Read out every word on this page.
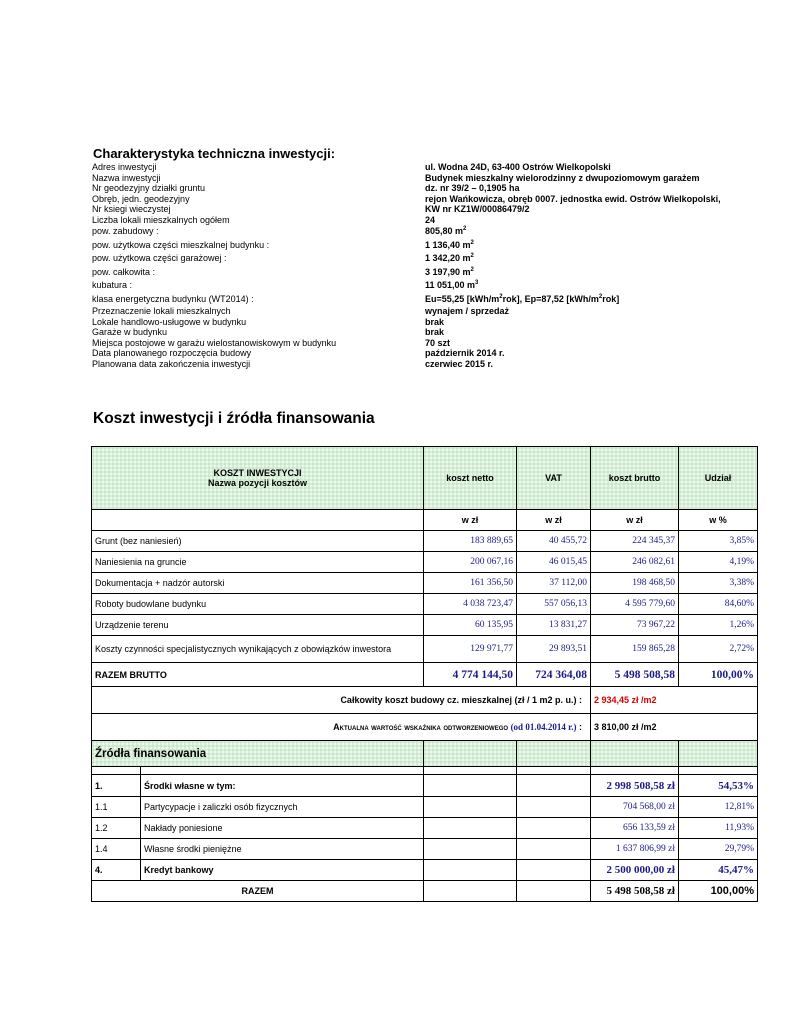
Charakterystyka techniczna inwestycji:
Adres inwestycji	ul. Wodna 24D, 63-400 Ostrów Wielkopolski
Nazwa inwestycji	Budynek mieszkalny wielorodzinny z dwupoziomowym garażem
Nr geodezyjny działki gruntu	dz. nr 39/2 – 0,1905 ha
Obręb, jedn. geodezyjny	rejon Wańkowicza, obręb 0007. jednostka ewid. Ostrów Wielkopolski,
Nr ksiegi wieczystej	KW nr KZ1W/00086479/2
Liczba lokali mieszkalnych ogółem	24
pow. zabudowy :	805,80 $m^2$
pow. użytkowa części mieszkalnej budynku :	1 136,40 $m^2$
pow. użytkowa części garażowej :	1 342,20 $m^2$
pow. całkowita :	3 197,90 $m^2$
kubatura :	11 051,00 $m^3$
klasa energetyczna budynku (WT2014) :	Eu=55,25 $[kWh/m^2rok]$, Ep=87,52 $[kWh/m^2rok]$
Przeznaczenie lokali mieszkalnych	wynajem / sprzedaż
Lokale handlowo-usługowe w budynku	brak
Garaże w budynku	brak
Miejsca postojowe w garażu wielostanowiskowym w budynku	70 szt
Data planowanego rozpoczęcia budowy	październik 2014 r.
Planowana data zakończenia inwestycji	czerwiec 2015 r.
Koszt inwestycji i źródła finansowania
KOSZT INWESTYCJI
Nazwa pozycji kosztów		koszt netto	VAT	koszt brutto	Udział
		w zł	w zł	w zł	w %
Grunt (bez naniesień)		183 889,65	40 455,72	224 345,37	3,85%
Naniesienia na gruncie		200 067,16	46 015,45	246 082,61	4,19%
Dokumentacja + nadzór autorski		161 356,50	37 112,00	198 468,50	3,38%
Roboty budowlane budynku		4 038 723,47	557 056,13	4 595 779,60	84,60%
Urządzenie terenu		60 135,95	13 831,27	73 967,22	1,26%
Koszty czynności specjalistycznych wynikających z obowiązków inwestora		129 971,77	29 893,51	159 865,28	2,72%
RAZEM BRUTTO		4 774 144,50	724 364,08	5 498 508,58	100,00%
Całkowity koszt budowy cz. mieszkalnej (zł / 1 m2 p. u.) :				2 934,45 zł /m2	
Aktualna wartość wskaźnika odtworzeniowego (od 01.04.2014 r.) :				3 810,00 zł /m2	
Źródła finansowania					

1.	Środki własne w tym:			2 998 508,58 zł	54,53%
1.1	Partycypacje i zaliczki osób fizycznych			704 568,00 zł	12,81%
1.2	Nakłady poniesione			656 133,59 zł	11,93%
1.4	Własne środki pieniężne			1 637 806,99 zł	29,79%
4.	Kredyt bankowy			2 500 000,00 zł	45,47%
RAZEM				5 498 508,58 zł	100,00%
